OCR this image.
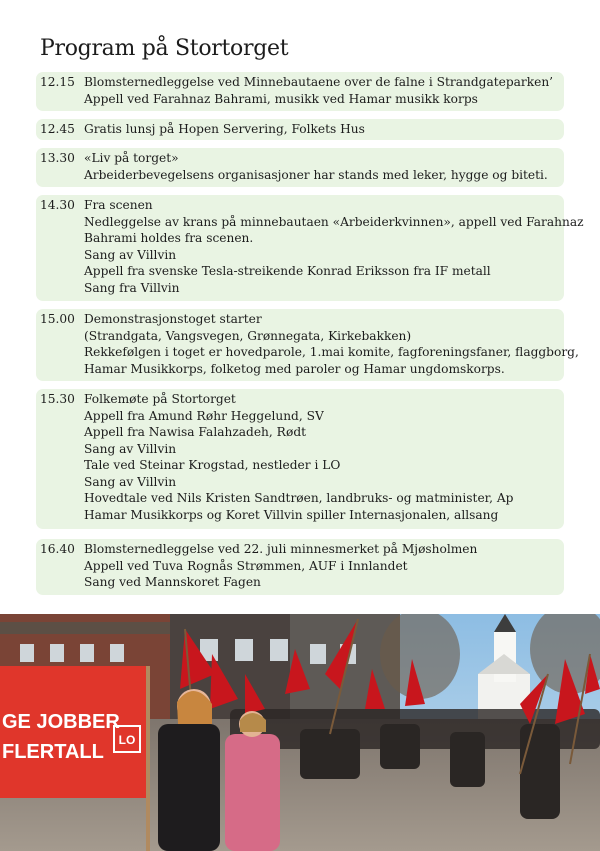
Program på Stortorget
12.15 Blomsternedleggelse ved Minnebautaene over de falne i Strandgateparken’
Appell ved Farahnaz Bahrami, musikk ved Hamar musikk korps
12.45 Gratis lunsj på Hopen Servering, Folkets Hus
13.30 «Liv på torget»
Arbeiderbevegelsens organisasjoner har stands med leker, hygge og biteti.
14.30 Fra scenen
Nedleggelse av krans på minnebautaen «Arbeiderkvinnen», appell ved Farahnaz
Bahrami holdes fra scenen.
Sang av Villvin
Appell fra svenske Tesla-streikende Konrad Eriksson fra IF metall
Sang fra Villvin
15.00 Demonstrasjonstoget starter
(Strandgata, Vangsvegen, Grønnegata, Kirkebakken)
Rekkefølgen i toget er hovedparole, 1.mai komite, fagforeningsfaner, flaggborg,
Hamar Musikkorps, folketog med paroler og Hamar ungdomskorps.
15.30 Folkemøte på Stortorget
Appell fra Amund Røhr Heggelund, SV
Appell fra Nawisa Falahzadeh, Rødt
Sang av Villvin
Tale ved Steinar Krogstad, nestleder i LO
Sang av Villvin
Hovedtale ved Nils Kristen Sandtrøen, landbruks- og matminister, Ap
Hamar Musikkorps og Koret Villvin spiller Internasjonalen, allsang
16.40 Blomsternedleggelse ved 22. juli minnesmerket på Mjøsholmen
Appell ved Tuva Rognås Strømmen, AUF i Innlandet
Sang ved Mannskoret Fagen
GE JOBBER
FLERTALL
LO
